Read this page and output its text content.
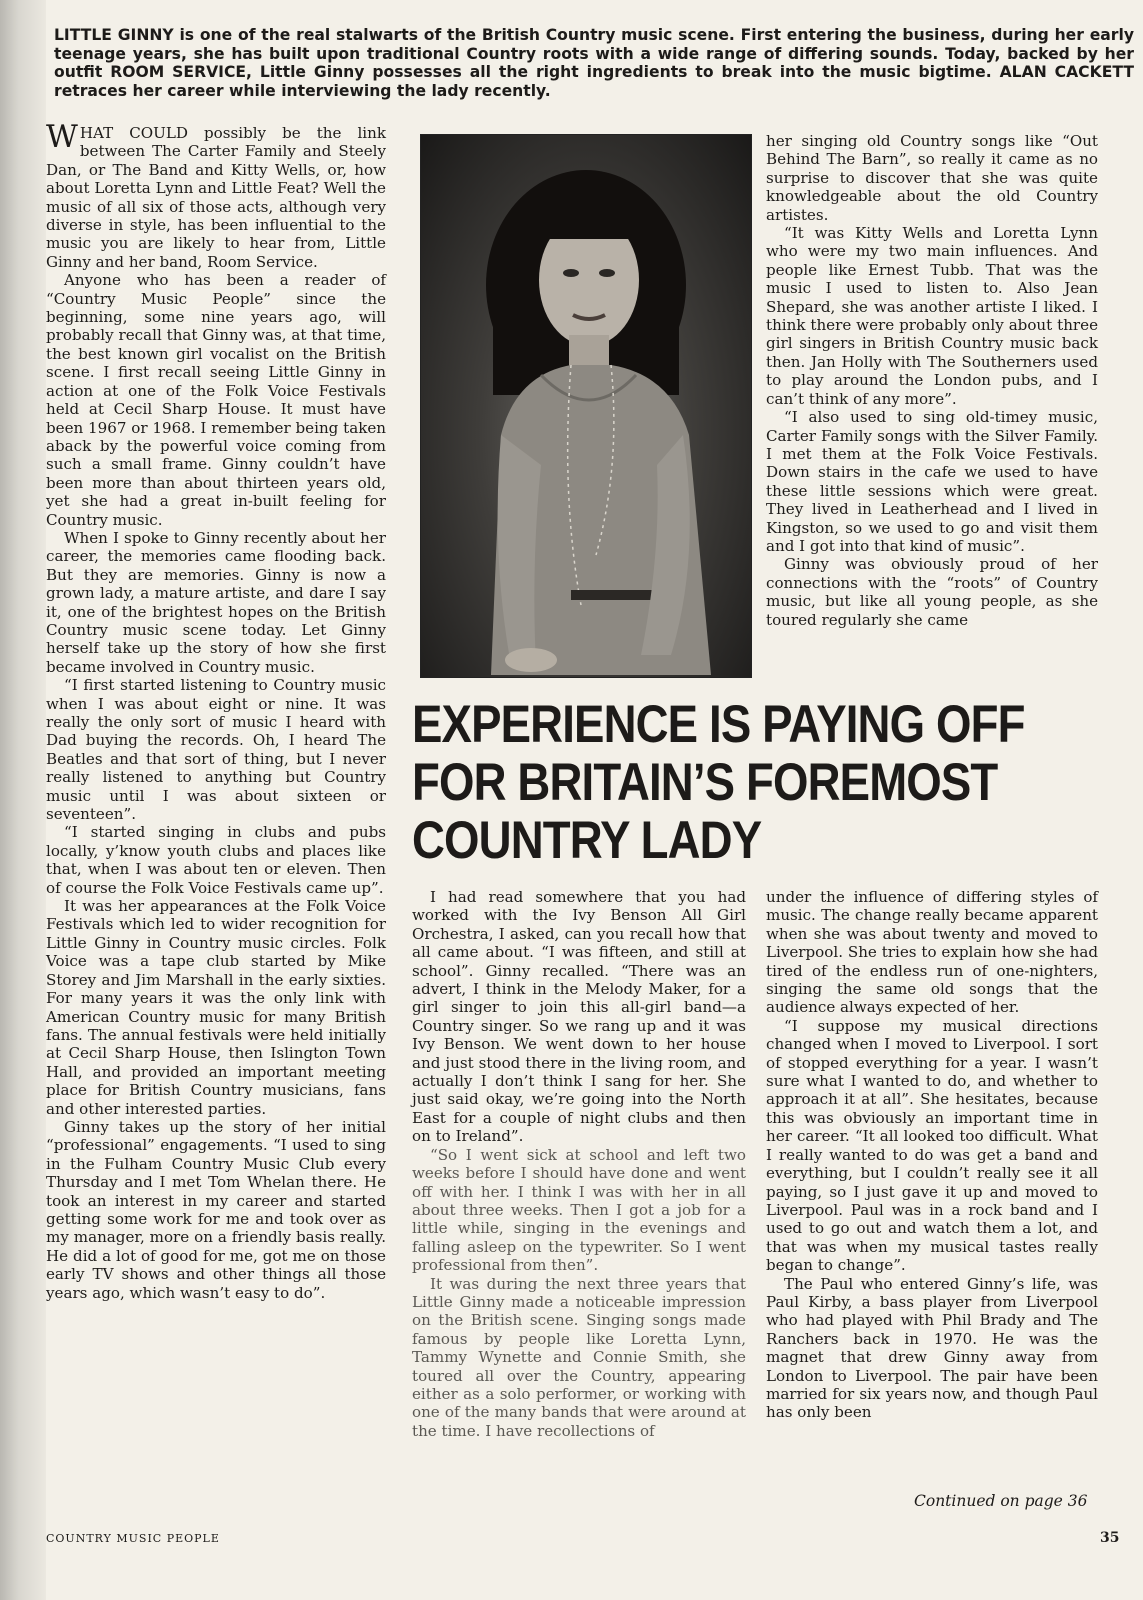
LITTLE GINNY is one of the real stalwarts of the British Country music scene. First entering the business, during her early teenage years, she has built upon traditional Country roots with a wide range of differing sounds. Today, backed by her outfit ROOM SERVICE, Little Ginny possesses all the right ingredients to break into the music bigtime. ALAN CACKETT retraces her career while interviewing the lady recently.

WHAT COULD possibly be the link between The Carter Family and Steely Dan, or The Band and Kitty Wells, or, how about Loretta Lynn and Little Feat? Well the music of all six of those acts, although very diverse in style, has been influential to the music you are likely to hear from, Little Ginny and her band, Room Service.

Anyone who has been a reader of “Country Music People” since the beginning, some nine years ago, will probably recall that Ginny was, at that time, the best known girl vocalist on the British scene. I first recall seeing Little Ginny in action at one of the Folk Voice Festivals held at Cecil Sharp House. It must have been 1967 or 1968. I remember being taken aback by the powerful voice coming from such a small frame. Ginny couldn’t have been more than about thirteen years old, yet she had a great in-built feeling for Country music.

When I spoke to Ginny recently about her career, the memories came flooding back. But they are memories. Ginny is now a grown lady, a mature artiste, and dare I say it, one of the brightest hopes on the British Country music scene today. Let Ginny herself take up the story of how she first became involved in Country music.

“I first started listening to Country music when I was about eight or nine. It was really the only sort of music I heard with Dad buying the records. Oh, I heard The Beatles and that sort of thing, but I never really listened to anything but Country music until I was about sixteen or seventeen”.

“I started singing in clubs and pubs locally, y’know youth clubs and places like that, when I was about ten or eleven. Then of course the Folk Voice Festivals came up”.

It was her appearances at the Folk Voice Festivals which led to wider recognition for Little Ginny in Country music circles. Folk Voice was a tape club started by Mike Storey and Jim Marshall in the early sixties. For many years it was the only link with American Country music for many British fans. The annual festivals were held initially at Cecil Sharp House, then Islington Town Hall, and provided an important meeting place for British Country musicians, fans and other interested parties.

Ginny takes up the story of her initial “professional” engagements. “I used to sing in the Fulham Country Music Club every Thursday and I met Tom Whelan there. He took an interest in my career and started getting some work for me and took over as my manager, more on a friendly basis really. He did a lot of good for me, got me on those early TV shows and other things all those years ago, which wasn’t easy to do”.

EXPERIENCE IS PAYING OFF
FOR BRITAIN’S FOREMOST
COUNTRY LADY

I had read somewhere that you had worked with the Ivy Benson All Girl Orchestra, I asked, can you recall how that all came about. “I was fifteen, and still at school”. Ginny recalled. “There was an advert, I think in the Melody Maker, for a girl singer to join this all-girl band—a Country singer. So we rang up and it was Ivy Benson. We went down to her house and just stood there in the living room, and actually I don’t think I sang for her. She just said okay, we’re going into the North East for a couple of night clubs and then on to Ireland”.

“So I went sick at school and left two weeks before I should have done and went off with her. I think I was with her in all about three weeks. Then I got a job for a little while, singing in the evenings and falling asleep on the typewriter. So I went professional from then”.

It was during the next three years that Little Ginny made a noticeable impression on the British scene. Singing songs made famous by people like Loretta Lynn, Tammy Wynette and Connie Smith, she toured all over the Country, appearing either as a solo performer, or working with one of the many bands that were around at the time. I have recollections of

her singing old Country songs like “Out Behind The Barn”, so really it came as no surprise to discover that she was quite knowledgeable about the old Country artistes.

“It was Kitty Wells and Loretta Lynn who were my two main influences. And people like Ernest Tubb. That was the music I used to listen to. Also Jean Shepard, she was another artiste I liked. I think there were probably only about three girl singers in British Country music back then. Jan Holly with The Southerners used to play around the London pubs, and I can’t think of any more”.

“I also used to sing old-timey music, Carter Family songs with the Silver Family. I met them at the Folk Voice Festivals. Down stairs in the cafe we used to have these little sessions which were great. They lived in Leatherhead and I lived in Kingston, so we used to go and visit them and I got into that kind of music”.

Ginny was obviously proud of her connections with the “roots” of Country music, but like all young people, as she toured regularly she came

under the influence of differing styles of music. The change really became apparent when she was about twenty and moved to Liverpool. She tries to explain how she had tired of the endless run of one-nighters, singing the same old songs that the audience always expected of her.

“I suppose my musical directions changed when I moved to Liverpool. I sort of stopped everything for a year. I wasn’t sure what I wanted to do, and whether to approach it at all”. She hesitates, because this was obviously an important time in her career. “It all looked too difficult. What I really wanted to do was get a band and everything, but I couldn’t really see it all paying, so I just gave it up and moved to Liverpool. Paul was in a rock band and I used to go out and watch them a lot, and that was when my musical tastes really began to change”.

The Paul who entered Ginny’s life, was Paul Kirby, a bass player from Liverpool who had played with Phil Brady and The Ranchers back in 1970. He was the magnet that drew Ginny away from London to Liverpool. The pair have been married for six years now, and though Paul has only been

Continued on page 36
COUNTRY MUSIC PEOPLE	35
